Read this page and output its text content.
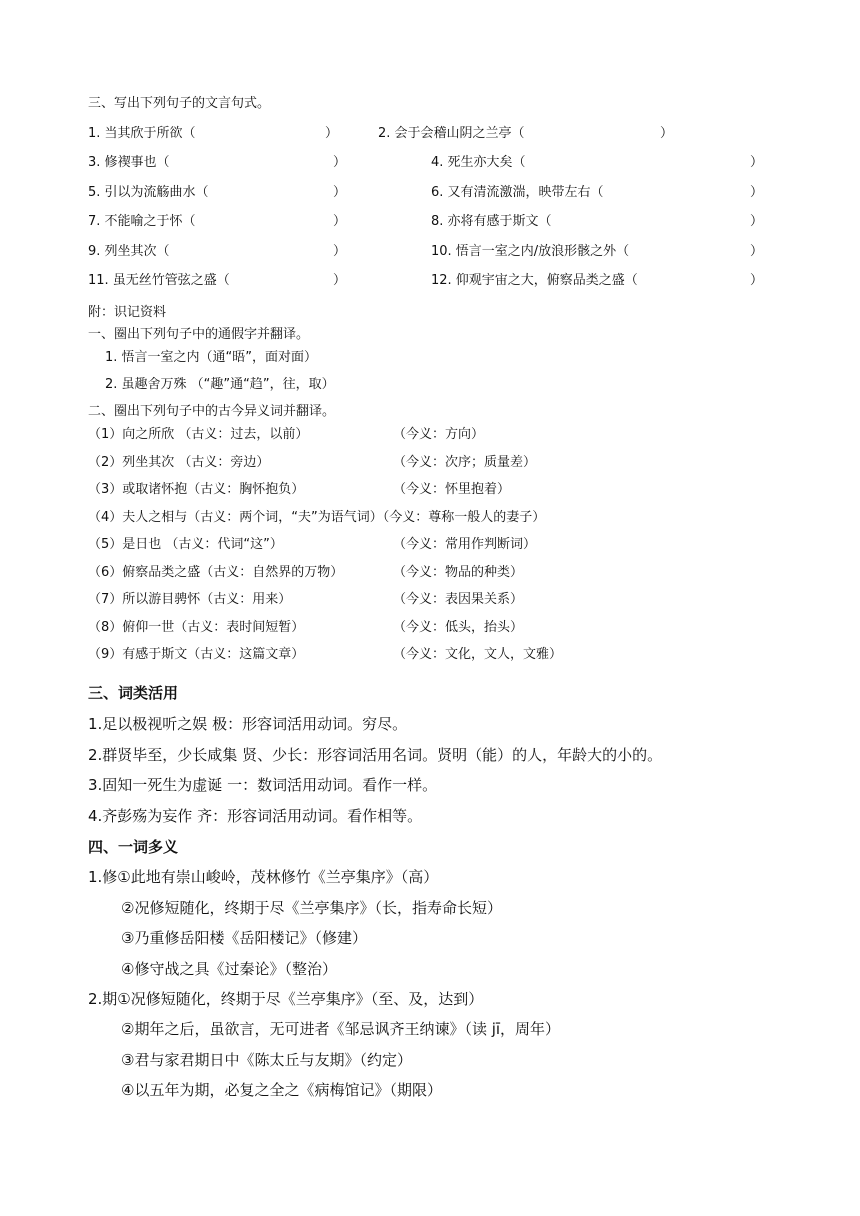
三、写出下列句子的文言句式。
1. 当其欣于所欲（	）	2. 会于会稽山阴之兰亭（	）
3. 修禊事也（	）	4. 死生亦大矣（	）
5. 引以为流觞曲水（	）	6. 又有清流激湍，映带左右（	）
7. 不能喻之于怀（	）	8. 亦将有感于斯文（	）
9. 列坐其次（	）	10. 悟言一室之内/放浪形骸之外（	）
11. 虽无丝竹管弦之盛（	）	12. 仰观宇宙之大，俯察品类之盛（	）
附：识记资料
一、圈出下列句子中的通假字并翻译。
1. 悟言一室之内（通“晤”，面对面）
2. 虽趣舍万殊 （“趣”通“趋”，往，取）
二、圈出下列句子中的古今异义词并翻译。
（1）向之所欣 （古义：过去，以前）	（今义：方向）
（2）列坐其次 （古义：旁边）	（今义：次序；质量差）
（3）或取诸怀抱（古义：胸怀抱负）	（今义：怀里抱着）
（4）夫人之相与（古义：两个词，“夫”为语气词）（今义：尊称一般人的妻子）
（5）是日也 （古义：代词“这”）	（今义：常用作判断词）
（6）俯察品类之盛（古义：自然界的万物）	（今义：物品的种类）
（7）所以游目骋怀（古义：用来）	（今义：表因果关系）
（8）俯仰一世（古义：表时间短暂）	（今义：低头，抬头）
（9）有感于斯文（古义：这篇文章）	（今义：文化，文人，文雅）
三、词类活用
1.足以极视听之娱 极：形容词活用动词。穷尽。
2.群贤毕至，少长咸集 贤、少长：形容词活用名词。贤明（能）的人，年龄大的小的。
3.固知一死生为虚诞 一：数词活用动词。看作一样。
4.齐彭殇为妄作 齐：形容词活用动词。看作相等。
四、一词多义
1.修①此地有崇山峻岭，茂林修竹《兰亭集序》（高）
②况修短随化，终期于尽《兰亭集序》（长，指寿命长短）
③乃重修岳阳楼《岳阳楼记》（修建）
④修守战之具《过秦论》（整治）
2.期①况修短随化，终期于尽《兰亭集序》（至、及，达到）
②期年之后，虽欲言，无可进者《邹忌讽齐王纳谏》（读 jī，周年）
③君与家君期日中《陈太丘与友期》（约定）
④以五年为期，必复之全之《病梅馆记》（期限）
